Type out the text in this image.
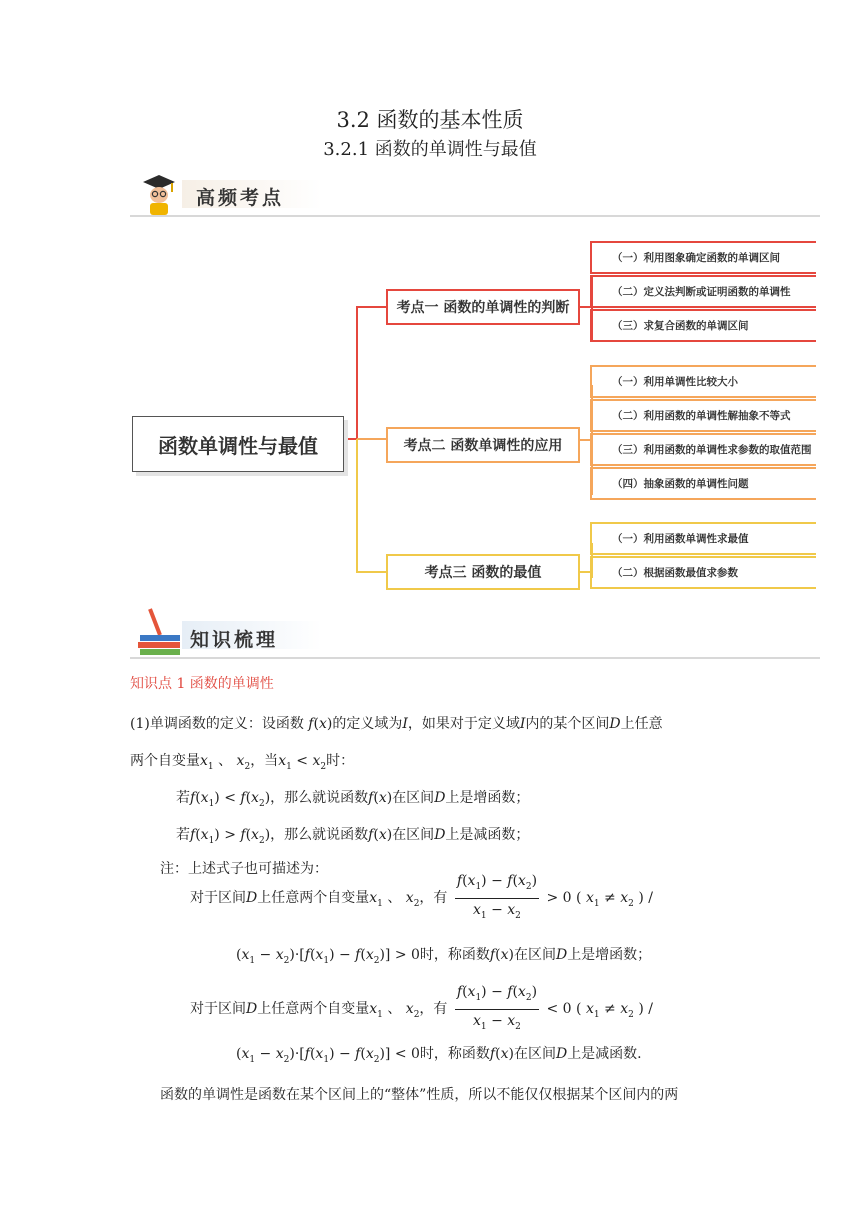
3.2 函数的基本性质
3.2.1 函数的单调性与最值
高频考点
函数单调性与最值
考点一 函数的单调性的判断
考点二 函数单调性的应用
考点三 函数的最值
（一）利用图象确定函数的单调区间
（二）定义法判断或证明函数的单调性
（三）求复合函数的单调区间
（一）利用单调性比较大小
（二）利用函数的单调性解抽象不等式
（三）利用函数的单调性求参数的取值范围
（四）抽象函数的单调性问题
（一）利用函数单调性求最值
（二）根据函数最值求参数
知识梳理
知识点 1 函数的单调性
(1)单调函数的定义：设函数 f(x)的定义域为I，如果对于定义域I内的某个区间D上任意
两个自变量$x_1$ 、 $x_2$，当$x_1 < x_2$时：
若$f(x_1) < f(x_2)$，那么就说函数f(x)在区间D上是增函数；
若$f(x_1) > f(x_2)$，那么就说函数f(x)在区间D上是减函数；
注：上述式子也可描述为：
对于区间D上任意两个自变量$x_1$ 、 $x_2$，有 $\frac{f(x_1) - f(x_2)}{x_1 - x_2} > 0$ ( $x_1 \ne x_2$ ) /
$(x_1 - x_2)\cdot[f(x_1) - f(x_2)] > 0$时，称函数f(x)在区间D上是增函数；
对于区间D上任意两个自变量$x_1$ 、 $x_2$，有 $\frac{f(x_1) - f(x_2)}{x_1 - x_2} < 0$ ( $x_1 \ne x_2$ ) /
$(x_1 - x_2)\cdot[f(x_1) - f(x_2)] < 0$时，称函数f(x)在区间D上是减函数.
函数的单调性是函数在某个区间上的“整体”性质，所以不能仅仅根据某个区间内的两
